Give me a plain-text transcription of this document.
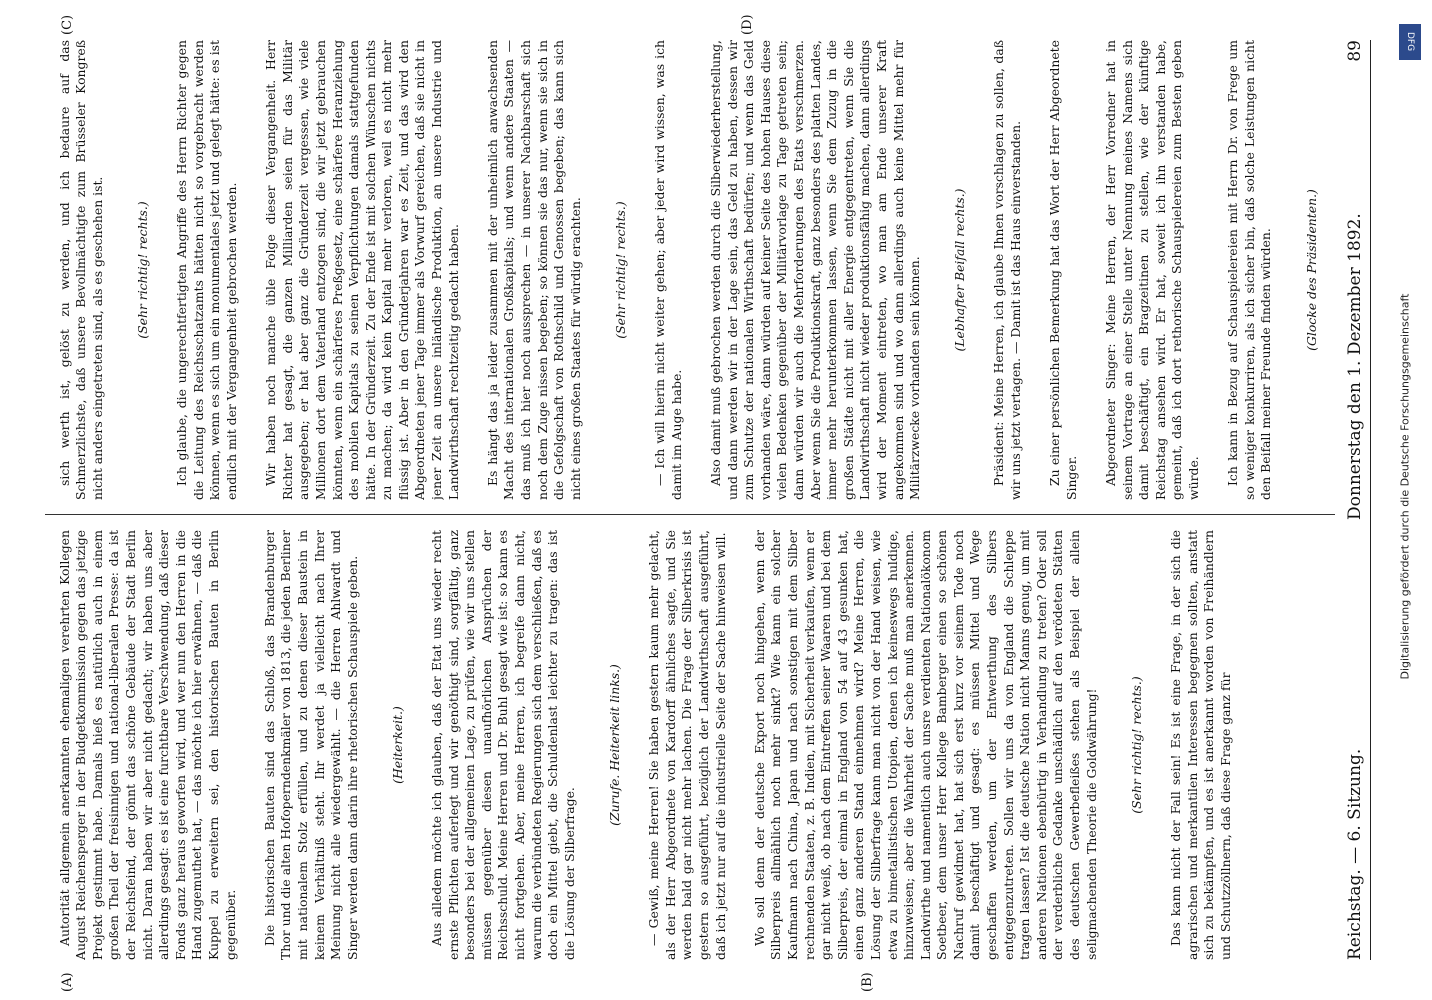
Reichstag. — 6. Sitzung.
Donnerstag den 1. Dezember 1892.
89
(A)	(B)
(C)	(D)

Autorität allgemein anerkannten ehemaligen verehrten Kollegen August Reichensperger in der Budgetkommission gegen das jetzige Projekt gestimmt habe. Damals hieß es natürlich auch in einem großen Theil der freisinnigen und national-liberalen Presse: da ist der Reichsfeind, der gönnt das schöne Gebäude der Stadt Berlin nicht. Daran haben wir aber nicht gedacht; wir haben uns aber allerdings gesagt: es ist eine furchtbare Verschwendung, daß dieser Fonds ganz heraus geworfen wird, und wer nun den Herren in die Hand zugemuthet hat, — das möchte ich hier erwähnen, — daß die Kuppel zu erweitern sei, den historischen Bauten in Berlin gegenüber. Die historischen Bauten sind das Schloß, das Brandenburger Thor und die alten Hofoperndenkmäler von 1813, die jeden Berliner mit nationalem Stolz erfüllen, und zu denen dieser Baustein in keinem Verhältniß steht. Ihr werdet ja vielleicht nach Ihrer Meinung nicht alle wiedergewählt. — die Herren Ahlwardt und Singer werden dann darin ihre rhetorischen Schauspiele geben. (Heiterkeit.) Aus alledem möchte ich glauben, daß der Etat uns wieder recht ernste Pflichten auferlegt und wir genöthigt sind, sorgfältig, ganz besonders bei der allgemeinen Lage, zu prüfen, wie wir uns stellen müssen gegenüber diesen unaufhörlichen Ansprüchen der Reichsschuld. Meine Herren und Dr. Buhl gesagt wie ist: so kann es nicht fortgehen. Aber, meine Herren, ich begreife dann nicht, warum die verbündeten Regierungen sich dem verschließen, daß es doch ein Mittel giebt, die Schuldenlast leichter zu tragen: das ist die Lösung der Silberfrage.

(Zurufe. Heiterkeit links.) — Gewiß, meine Herren! Sie haben gestern kaum mehr gelacht, als der Herr Abgeordnete von Kardorff ähnliches sagte, und Sie werden bald gar nicht mehr lachen. Die Frage der Silberkrisis ist gestern so ausgeführt, bezüglich der Landwirthschaft ausgeführt, daß ich jetzt nur auf die industrielle Seite der Sache hinweisen will. Wo soll denn der deutsche Export noch hingehen, wenn der Silberpreis allmählich noch mehr sinkt? Wie kann ein solcher Kaufmann nach China, Japan und nach sonstigen mit dem Silber rechnenden Staaten, z. B. Indien, mit Sicherheit verkaufen, wenn er gar nicht weiß, ob nach dem Eintreffen seiner Waaren und bei dem Silberpreis, der einmal in England von 54 auf 43 gesunken hat, einen ganz anderen Stand einnehmen wird? Meine Herren, die Lösung der Silberfrage kann man nicht von der Hand weisen, wie etwa zu bimetallistischen Utopien, denen ich keineswegs huldige, hinzuweisen; aber die Wahrheit der Sache muß man anerkennen. Landwirthe und namentlich auch unsre verdienten Nationalökonom Soetbeer, dem unser Herr Kollege Bamberger einen so schönen Nachruf gewidmet hat, hat sich erst kurz vor seinem Tode noch damit beschäftigt und gesagt: es müssen Mittel und Wege geschaffen werden, um der Entwerthung des Silbers entgegenzutreten. Sollen wir uns da von England die Schleppe tragen lassen? Ist die deutsche Nation nicht Manns genug, um mit anderen Nationen ebenbürtig in Verhandlung zu treten? Oder soll der verderbliche Gedanke unschädlich auf den verödeten Stätten des deutschen Gewerbefleißes stehen als Beispiel der allein seligmachenden Theorie die Goldwährung! (Sehr richtig! rechts.) Das kann nicht der Fall sein! Es ist eine Frage, in der sich die agrarischen und merkantilen Interessen begegnen sollten, anstatt sich zu bekämpfen, und es ist anerkannt worden von Freihändlern und Schutzzöllnern, daß diese Frage ganz für

sich werth ist, gelöst zu werden, und ich bedaure auf das Schmerzlichste, daß unsere Bevollmächtigte zum Brüsseler Kongreß nicht anders eingetreten sind, als es geschehen ist. (Sehr richtig! rechts.) Ich glaube, die ungerechtfertigten Angriffe des Herrn Richter gegen die Leitung des Reichsschatzamts hätten nicht so vorgebracht werden können, wenn es sich um ein monumentales jetzt und gelegt hätte: es ist endlich mit der Vergangenheit gebrochen werden. Wir haben noch manche üble Folge dieser Vergangenheit. Herr Richter hat gesagt, die ganzen Milliarden seien für das Militär ausgegeben; er hat aber ganz die Gründerzeit vergessen, wie viele Millionen dort dem Vaterland entzogen sind, die wir jetzt gebrauchen könnten, wenn ein schärferes Preßgesetz, eine schärfere Heranziehung des mobilen Kapitals zu seinen Verpflichtungen damals stattgefunden hätte. In der Gründerzeit. Zu der Ende ist mit solchen Wünschen nichts zu machen; da wird kein Kapital mehr verloren, weil es nicht mehr flüssig ist. Aber in den Gründerjahren war es Zeit, und das wird den Abgeordneten jener Tage immer als Vorwurf gereichen, daß sie nicht in jener Zeit an unsere inländische Produktion, an unsere Industrie und Landwirthschaft rechtzeitig gedacht haben. Es hängt das ja leider zusammen mit der unheimlich anwachsenden Macht des internationalen Großkapitals; und wenn andere Staaten — das muß ich hier noch aussprechen — in unserer Nachbarschaft sich noch dem Zuge nissen begeben; so können sie das nur, wenn sie sich in die Gefolgschaft von Rothschild und Genossen begeben; das kann sich nicht eines großen Staates für würdig erachten. (Sehr richtig! rechts.) — Ich will hierin nicht weiter gehen; aber jeder wird wissen, was ich damit im Auge habe. Also damit muß gebrochen werden durch die Silberwiederherstellung, und dann werden wir in der Lage sein, das Geld zu haben, dessen wir zum Schutze der nationalen Wirthschaft bedürfen; und wenn das Geld vorhanden wäre, dann würden auf keiner Seite des hohen Hauses diese vielen Bedenken gegenüber der Militärvorlage zu Tage getreten sein; dann würden wir auch die Mehrforderungen des Etats verschmerzen. Aber wenn Sie die Produktionskraft, ganz besonders des platten Landes, immer mehr herunterkommen lassen, wenn Sie dem Zuzug in die großen Städte nicht mit aller Energie entgegentreten, wenn Sie die Landwirthschaft nicht wieder produktionsfähig machen, dann allerdings wird der Moment eintreten, wo man am Ende unserer Kraft angekommen sind und wo dann allerdings auch keine Mittel mehr für Militärzwecke vorhanden sein können. (Lebhafter Beifall rechts.) Präsident: Meine Herren, ich glaube Ihnen vorschlagen zu sollen, daß wir uns jetzt vertagen. — Damit ist das Haus einverstanden. Zu einer persönlichen Bemerkung hat das Wort der Herr Abgeordnete Singer. Abgeordneter Singer: Meine Herren, der Herr Vorredner hat in seinem Vortrage an einer Stelle unter Nennung meines Namens sich damit beschäftigt, ein Bragzeitinen zu stellen, wie der künftige Reichstag ansehen wird. Er hat, soweit ich ihn verstanden habe, gemeint, daß ich dort rethorische Schauspielereien zum Besten geben würde. Ich kann in Bezug auf Schauspielereien mit Herrn Dr. von Frege um so weniger konkurriren, als ich sicher bin, daß solche Leistungen nicht den Beifall meiner Freunde finden würden. (Glocke des Präsidenten.)

DFG
Digitalisierung gefördert durch die Deutsche Forschungsgemeinschaft
